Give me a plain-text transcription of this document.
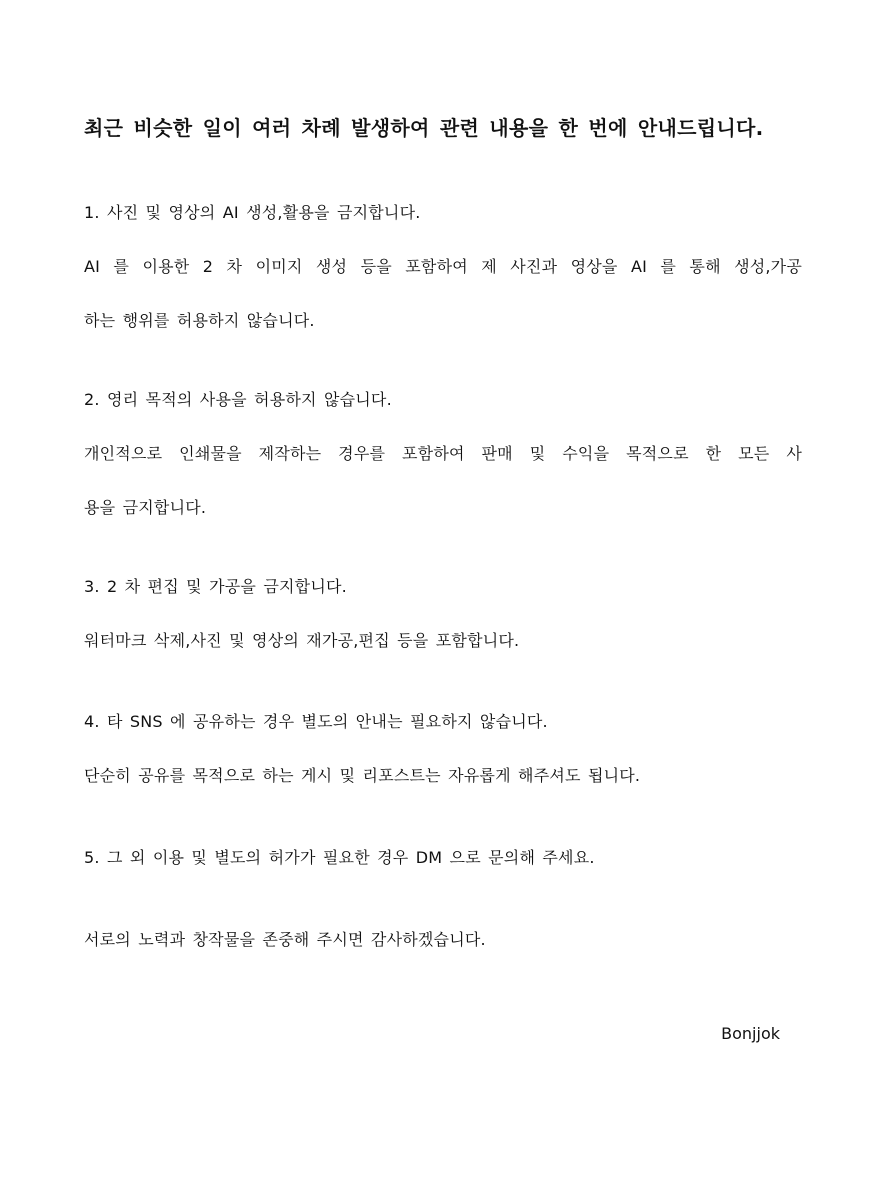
최근 비슷한 일이 여러 차례 발생하여 관련 내용을 한 번에 안내드립니다.
1. 사진 및 영상의 AI 생성,활용을 금지합니다.
AI 를 이용한 2 차 이미지 생성 등을 포함하여 제 사진과 영상을 AI 를 통해 생성,가공
하는 행위를 허용하지 않습니다.
2. 영리 목적의 사용을 허용하지 않습니다.
개인적으로 인쇄물을 제작하는 경우를 포함하여 판매 및 수익을 목적으로 한 모든 사
용을 금지합니다.
3. 2 차 편집 및 가공을 금지합니다.
워터마크 삭제,사진 및 영상의 재가공,편집 등을 포함합니다.
4. 타 SNS 에 공유하는 경우 별도의 안내는 필요하지 않습니다.
단순히 공유를 목적으로 하는 게시 및 리포스트는 자유롭게 해주셔도 됩니다.
5. 그 외 이용 및 별도의 허가가 필요한 경우 DM 으로 문의해 주세요.
서로의 노력과 창작물을 존중해 주시면 감사하겠습니다.
Bonjjok
